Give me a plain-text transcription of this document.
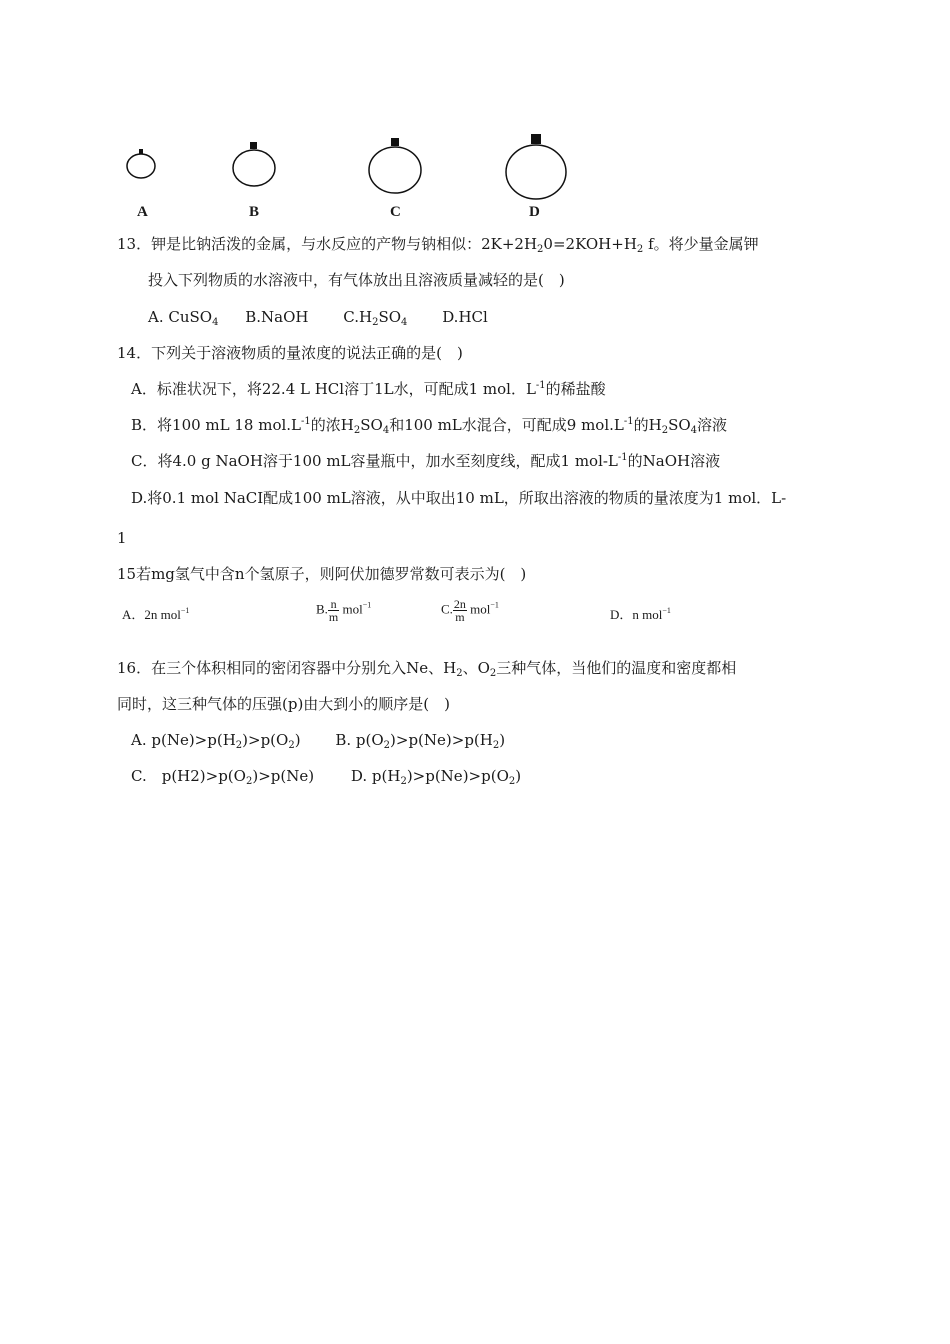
A	B	C	D
13．钾是比钠活泼的金属，与水反应的产物与钠相似：$2K+2H_20=2KOH+H_2$ f。将少量金属钾
投入下列物质的水溶液中，有气体放出且溶液质量减轻的是(　)
A. CuSO$_4$ B.NaOH $C.H_2SO_4$ D.HCl
14．下列关于溶液物质的量浓度的说法正确的是(　)
A．标准状况下，将22.4 L HCl溶丁1L水，可配成1 mol．$L^{-1}$的稀盐酸
B．将100 mL 18 $mol.L^{-1}$的浓$H_2SO_4$和100 mL水混合，可配成9 $mol.L^{-1}$的$H_2SO_4$溶液
C．将4.0 g NaOH溶于100 mL容量瓶中，加水至刻度线，配成1 mol-$L^{-1}$的NaOH溶液
D.将0.1 mol NaCI配成100 mL溶液，从中取出10 mL，所取出溶液的物质的量浓度为1 mol．L-
1
15若mg氢气中含n个氢原子，则阿伏加德罗常数可表示为(　)
A．2n mol$^{-1}$	B. $\frac{n}{m} mol^{-1}$	C. $\frac{2n}{m} mol^{-1}$
D．n mol$^{-1}$
16．在三个体积相同的密闭容器中分别允入Ne、$H_2$、$O_2$三种气体，当他们的温度和密度都相
同时，这三种气体的压强(p)由大到小的顺序是(　)
A. $p(Ne)>p(H_2)>p(O_2)$ B. $p(O_2)>p(Ne)>p(H_2)$
C.　$p(H2)>p(O_2)>p(Ne)$ D. $p(H_2)>p(Ne)>p(O_2)$
